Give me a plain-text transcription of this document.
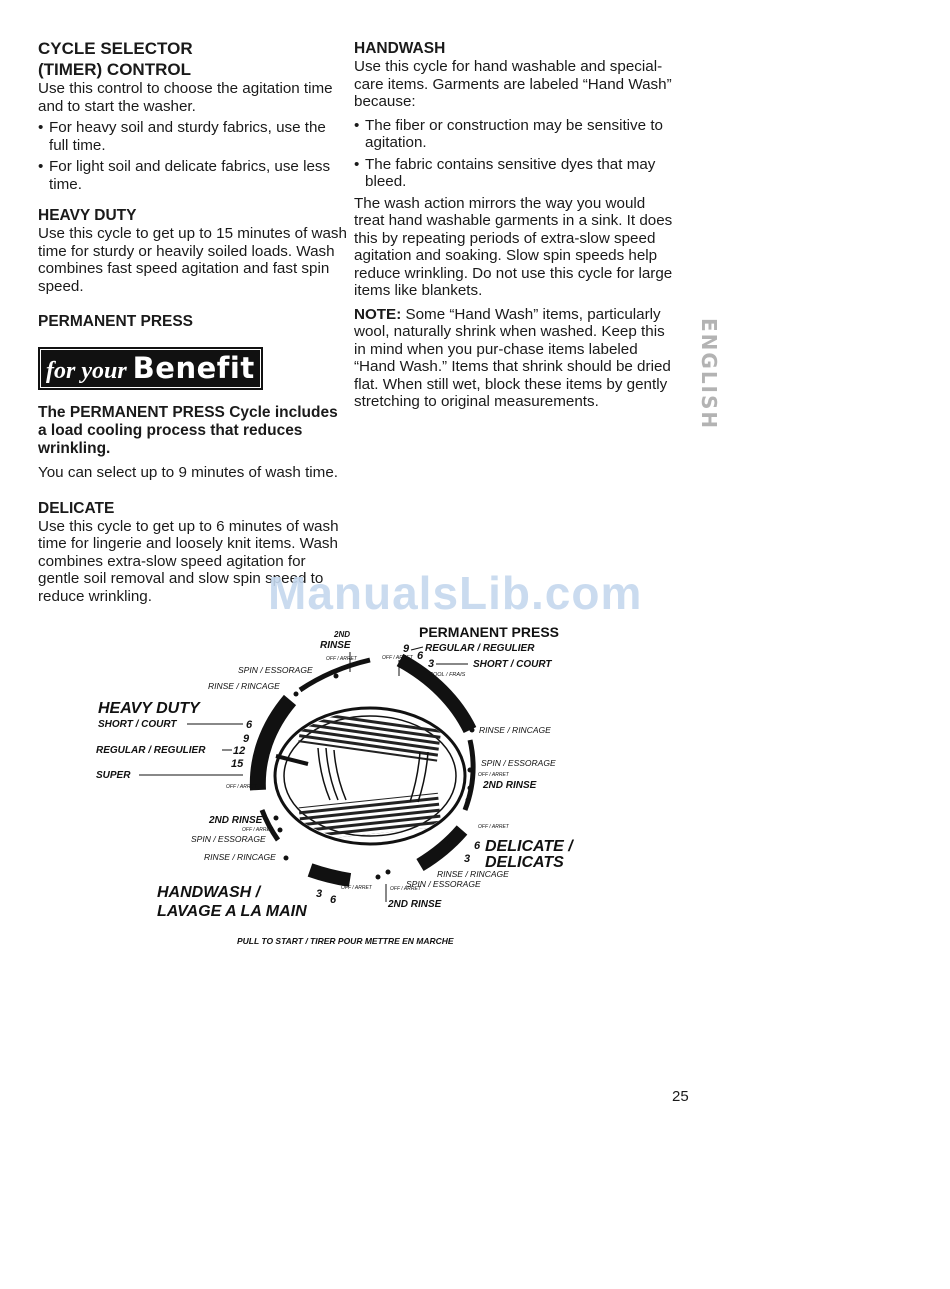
CYCLE SELECTOR
(TIMER) CONTROL

Use this control to choose the agitation time and to start the washer.

• For heavy soil and sturdy fabrics, use the full time.
• For light soil and delicate fabrics, use less time.
HEAVY DUTY

Use this cycle to get up to 15 minutes of wash time for sturdy or heavily soiled loads. Wash combines fast speed agitation and fast spin speed.

PERMANENT PRESS
for your Benefit
The PERMANENT PRESS Cycle includes a load cooling process that reduces wrinkling.

You can select up to 9 minutes of wash time.

DELICATE

Use this cycle to get up to 6 minutes of wash time for lingerie and loosely knit items. Wash combines extra-slow speed agitation for gentle soil removal and slow spin speed to reduce wrinkling.

HANDWASH

Use this cycle for hand washable and special-care items. Garments are labeled “Hand Wash” because:

• The fiber or construction may be sensitive to agitation.
• The fabric contains sensitive dyes that may bleed.

The wash action mirrors the way you would treat hand washable garments in a sink. It does this by repeating periods of extra-slow speed agitation and soaking. Slow spin speeds help reduce wrinkling. Do not use this cycle for large items like blankets.

NOTE: Some “Hand Wash” items, particularly wool, naturally shrink when washed. Keep this in mind when you pur-chase items labeled “Hand Wash.” Items that shrink should be dried flat. When still wet, block these items by gently stretching to original measurements.

ManualsLib.com
ENGLISH
PERMANENT PRESS
REGULAR / REGULIER
SHORT / COURT
COOL / FRAIS
9
6
3
2ND
RINSE
OFF / ARRET	OFF / ARRET
SPIN / ESSORAGE
RINSE / RINCAGE
HEAVY DUTY
SHORT / COURT
REGULAR / REGULIER
SUPER
6
9
12
15
OFF / ARRET
2ND RINSE
OFF / ARRET
SPIN / ESSORAGE
RINSE / RINCAGE
RINSE / RINCAGE
SPIN / ESSORAGE
OFF / ARRET
2ND RINSE
OFF / ARRET
DELICATE /
DELICATS
6
3
RINSE / RINCAGE
SPIN / ESSORAGE
OFF / ARRET
2ND RINSE
HANDWASH /
LAVAGE A LA MAIN
3 6
OFF / ARRET
PULL TO START / TIRER POUR METTRE EN MARCHE
25
